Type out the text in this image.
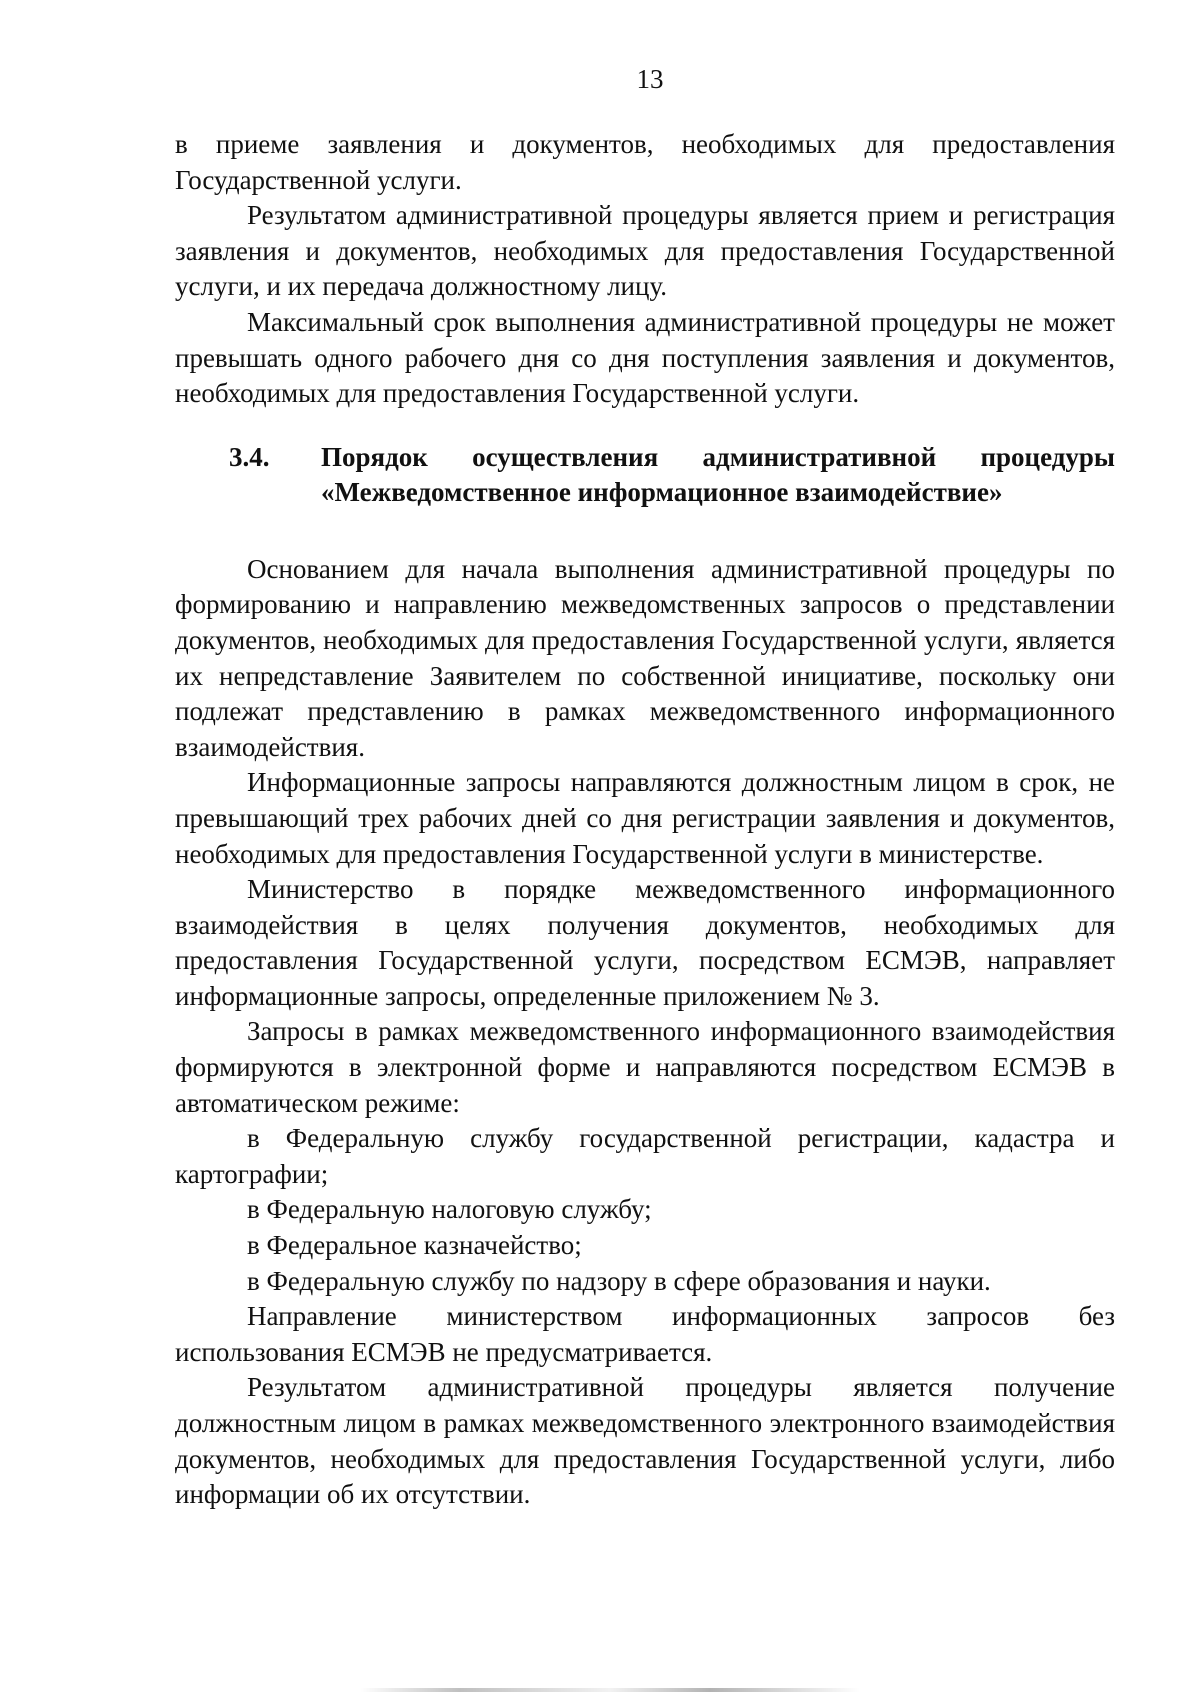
13

в приеме заявления и документов, необходимых для предоставления Государственной услуги.

Результатом административной процедуры является прием и регистрация заявления и документов, необходимых для предоставления Государственной услуги, и их передача должностному лицу.

Максимальный срок выполнения административной процедуры не может превышать одного рабочего дня со дня поступления заявления и документов, необходимых для предоставления Государственной услуги.

3.4.	Порядок осуществления административной процедуры
«Межведомственное информационное взаимодействие»

Основанием для начала выполнения административной процедуры по формированию и направлению межведомственных запросов о представлении документов, необходимых для предоставления Государственной услуги, является их непредставление Заявителем по собственной инициативе, поскольку они подлежат представлению в рамках межведомственного информационного взаимодействия.

Информационные запросы направляются должностным лицом в срок, не превышающий трех рабочих дней со дня регистрации заявления и документов, необходимых для предоставления Государственной услуги в министерстве.

Министерство в порядке межведомственного информационного взаимодействия в целях получения документов, необходимых для предоставления Государственной услуги, посредством ЕСМЭВ, направляет информационные запросы, определенные приложением № 3.

Запросы в рамках межведомственного информационного взаимодействия формируются в электронной форме и направляются посредством ЕСМЭВ в автоматическом режиме:

в Федеральную службу государственной регистрации, кадастра и картографии;

в Федеральную налоговую службу;

в Федеральное казначейство;

в Федеральную службу по надзору в сфере образования и науки.

Направление министерством информационных запросов без использования ЕСМЭВ не предусматривается.

Результатом административной процедуры является получение должностным лицом в рамках межведомственного электронного взаимодействия документов, необходимых для предоставления Государственной услуги, либо информации об их отсутствии.
